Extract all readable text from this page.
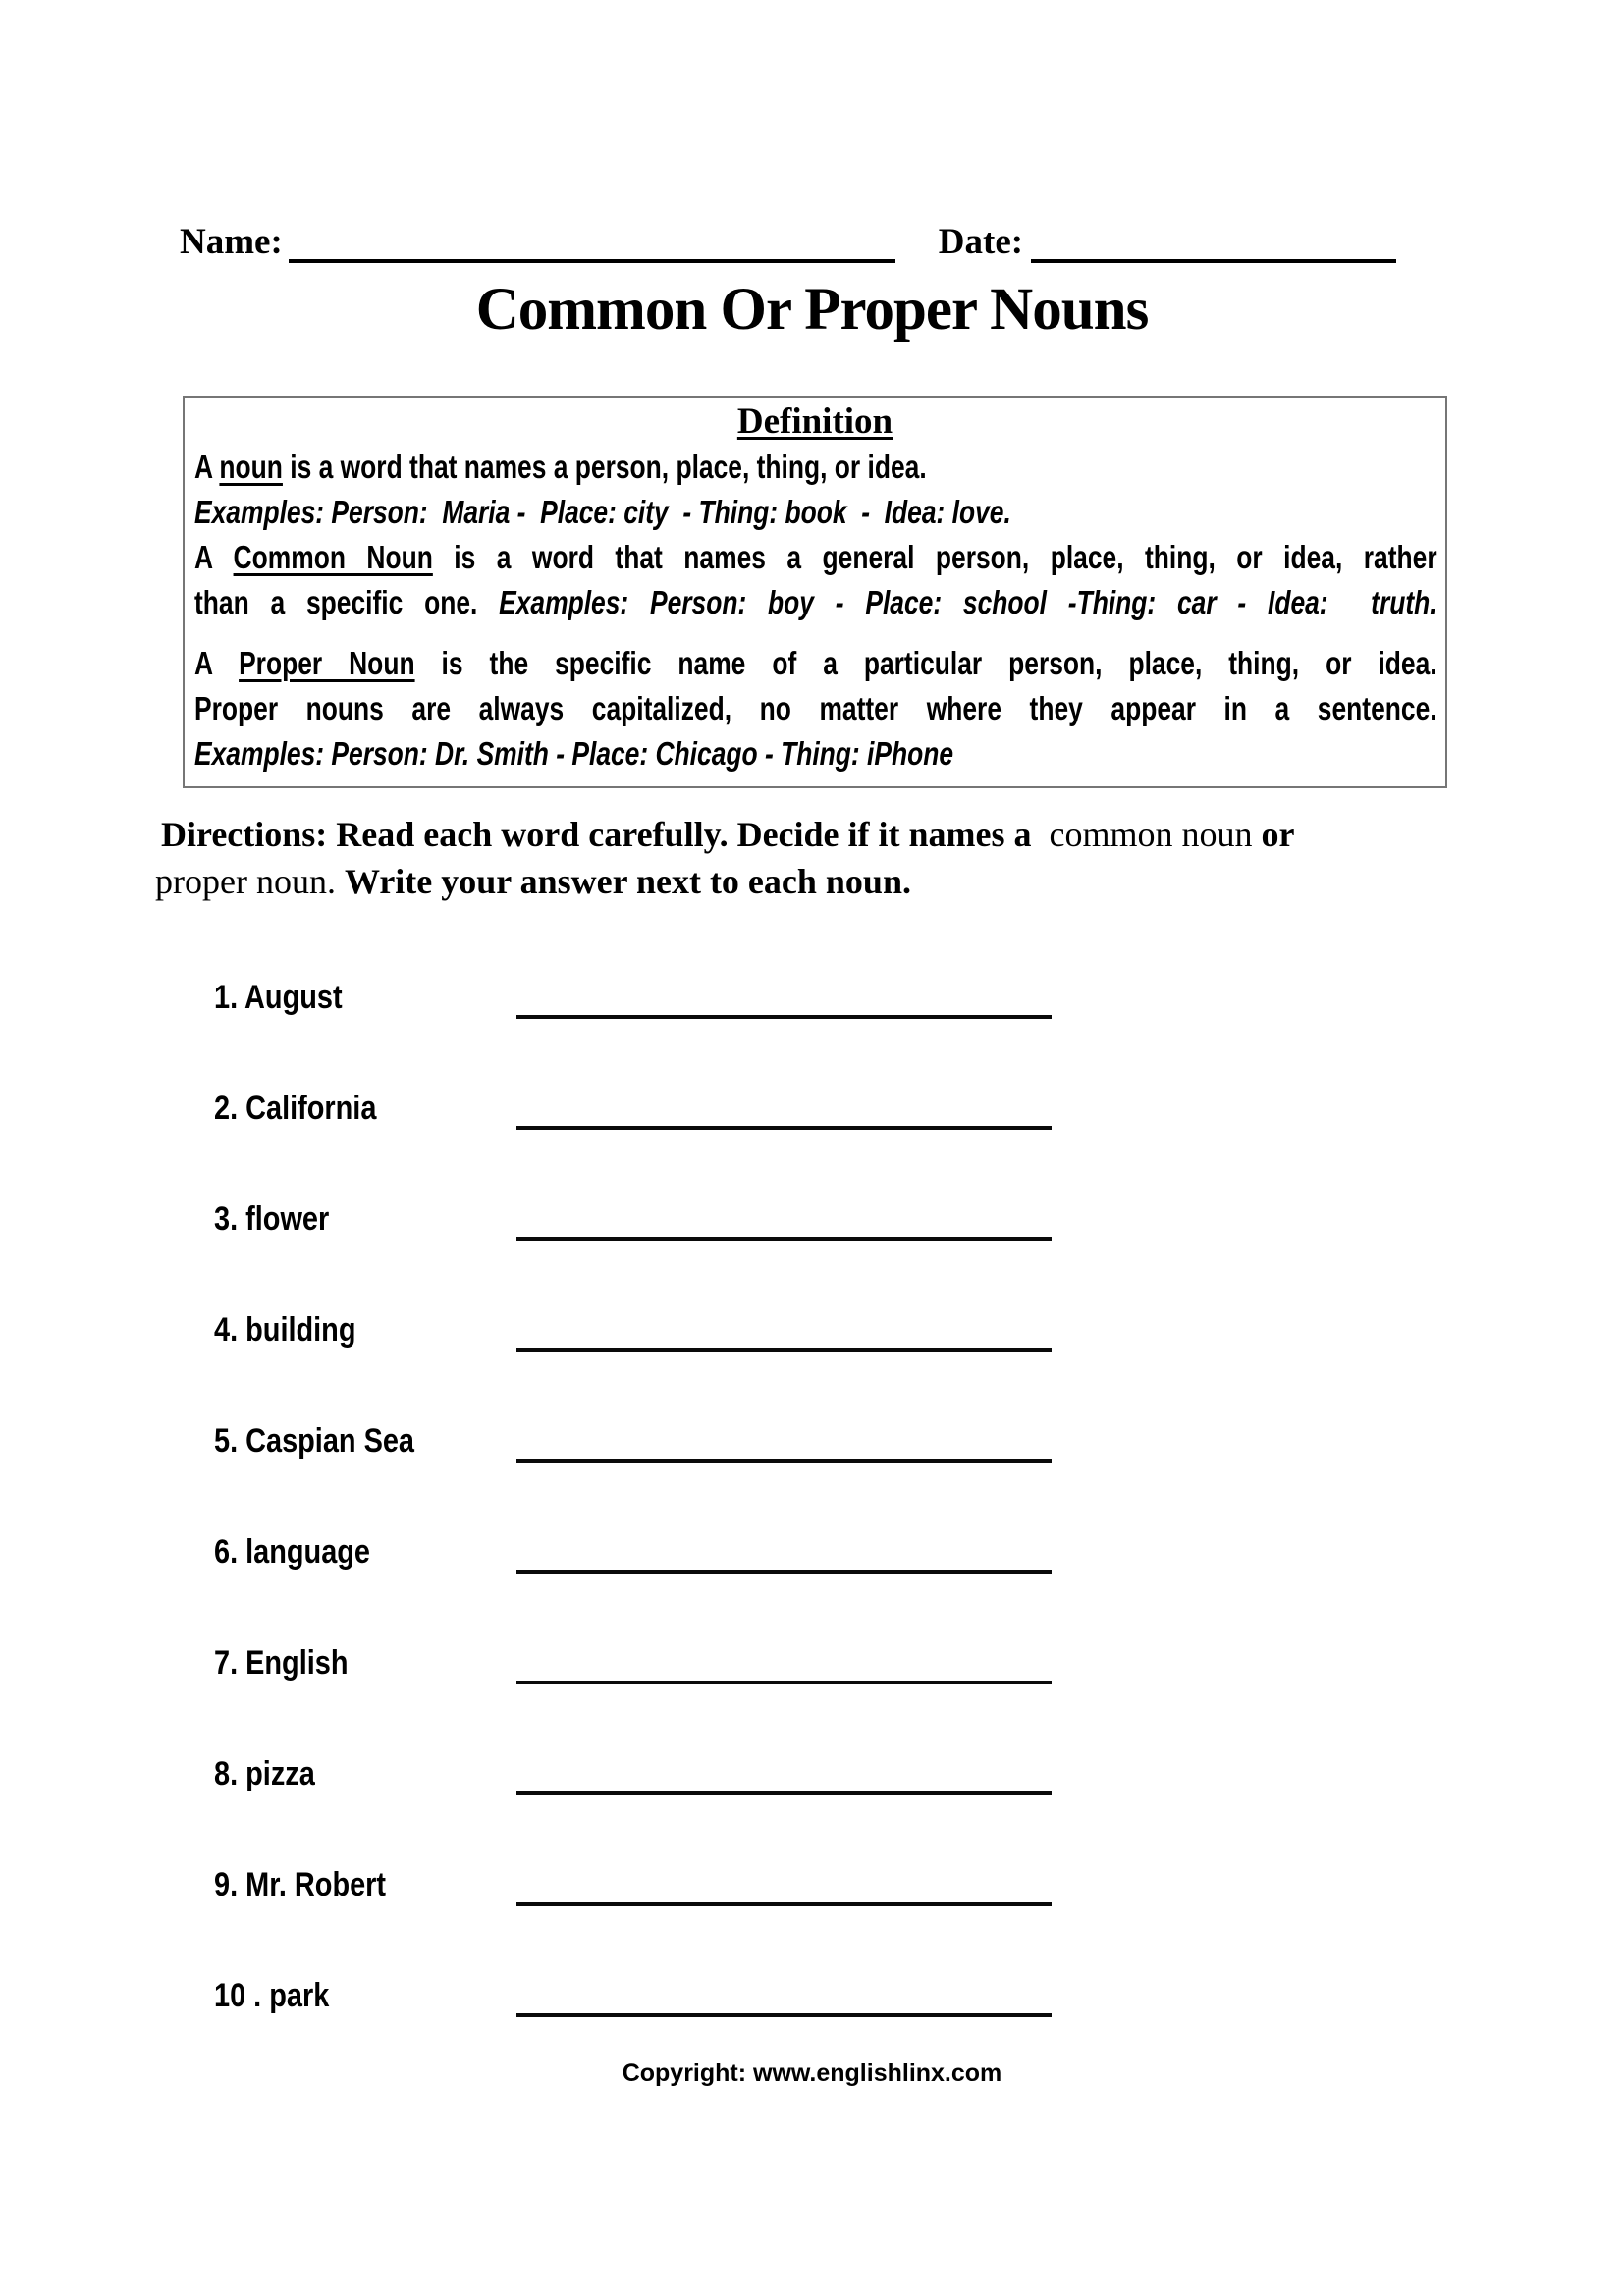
Name:	Date:
Common Or Proper Nouns
Definition
A noun is a word that names a person, place, thing, or idea.
Examples: Person:  Maria -  Place: city  - Thing: book  -  Idea: love.
A Common Noun is a word that names a general person, place, thing, or idea, rather
than a specific one. Examples: Person: boy - Place: school -Thing: car - Idea:  truth.
A Proper Noun is the specific name of a particular person, place, thing, or idea.
Proper nouns are always capitalized, no matter where they appear in a sentence.
Examples: Person: Dr. Smith - Place: Chicago - Thing: iPhone
Directions: Read each word carefully. Decide if it names a  common noun or
proper noun. Write your answer next to each noun.
1. August
2. California
3. flower
4. building
5. Caspian Sea
6. language
7. English
8. pizza
9. Mr. Robert
10 . park
Copyright: www.englishlinx.com
